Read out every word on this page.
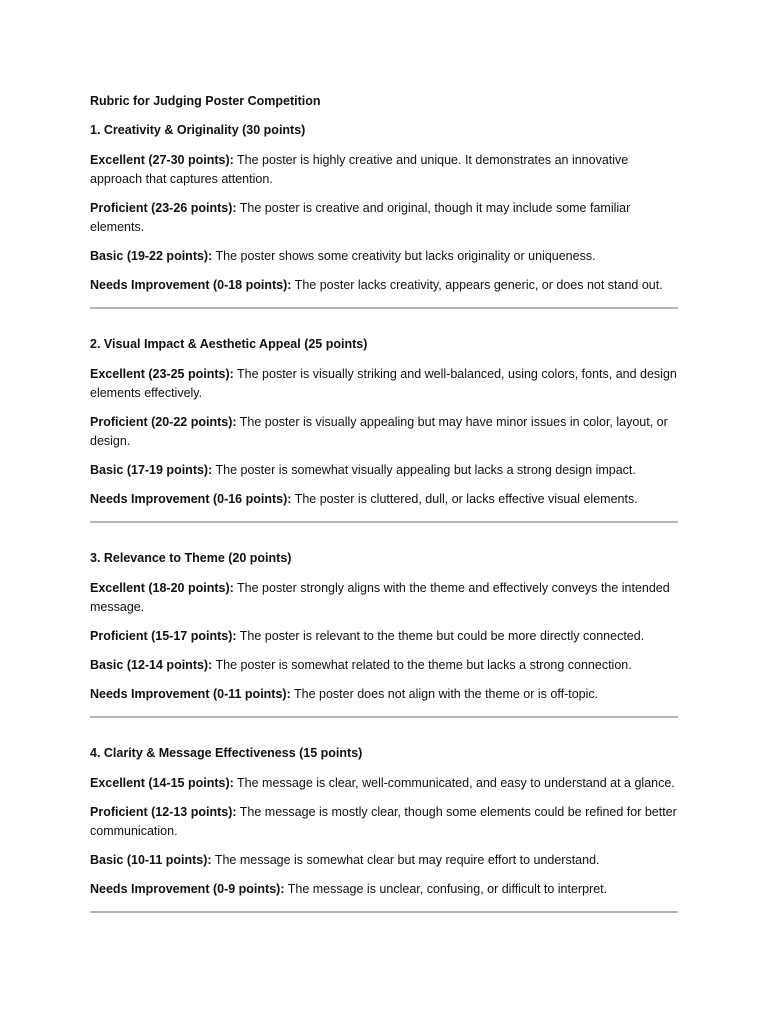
Rubric for Judging Poster Competition

1. Creativity & Originality (30 points)

Excellent (27-30 points): The poster is highly creative and unique. It demonstrates an innovative approach that captures attention.

Proficient (23-26 points): The poster is creative and original, though it may include some familiar elements.

Basic (19-22 points): The poster shows some creativity but lacks originality or uniqueness.

Needs Improvement (0-18 points): The poster lacks creativity, appears generic, or does not stand out.

2. Visual Impact & Aesthetic Appeal (25 points)

Excellent (23-25 points): The poster is visually striking and well-balanced, using colors, fonts, and design elements effectively.

Proficient (20-22 points): The poster is visually appealing but may have minor issues in color, layout, or design.

Basic (17-19 points): The poster is somewhat visually appealing but lacks a strong design impact.

Needs Improvement (0-16 points): The poster is cluttered, dull, or lacks effective visual elements.

3. Relevance to Theme (20 points)

Excellent (18-20 points): The poster strongly aligns with the theme and effectively conveys the intended message.

Proficient (15-17 points): The poster is relevant to the theme but could be more directly connected.

Basic (12-14 points): The poster is somewhat related to the theme but lacks a strong connection.

Needs Improvement (0-11 points): The poster does not align with the theme or is off-topic.

4. Clarity & Message Effectiveness (15 points)

Excellent (14-15 points): The message is clear, well-communicated, and easy to understand at a glance.

Proficient (12-13 points): The message is mostly clear, though some elements could be refined for better communication.

Basic (10-11 points): The message is somewhat clear but may require effort to understand.

Needs Improvement (0-9 points): The message is unclear, confusing, or difficult to interpret.
